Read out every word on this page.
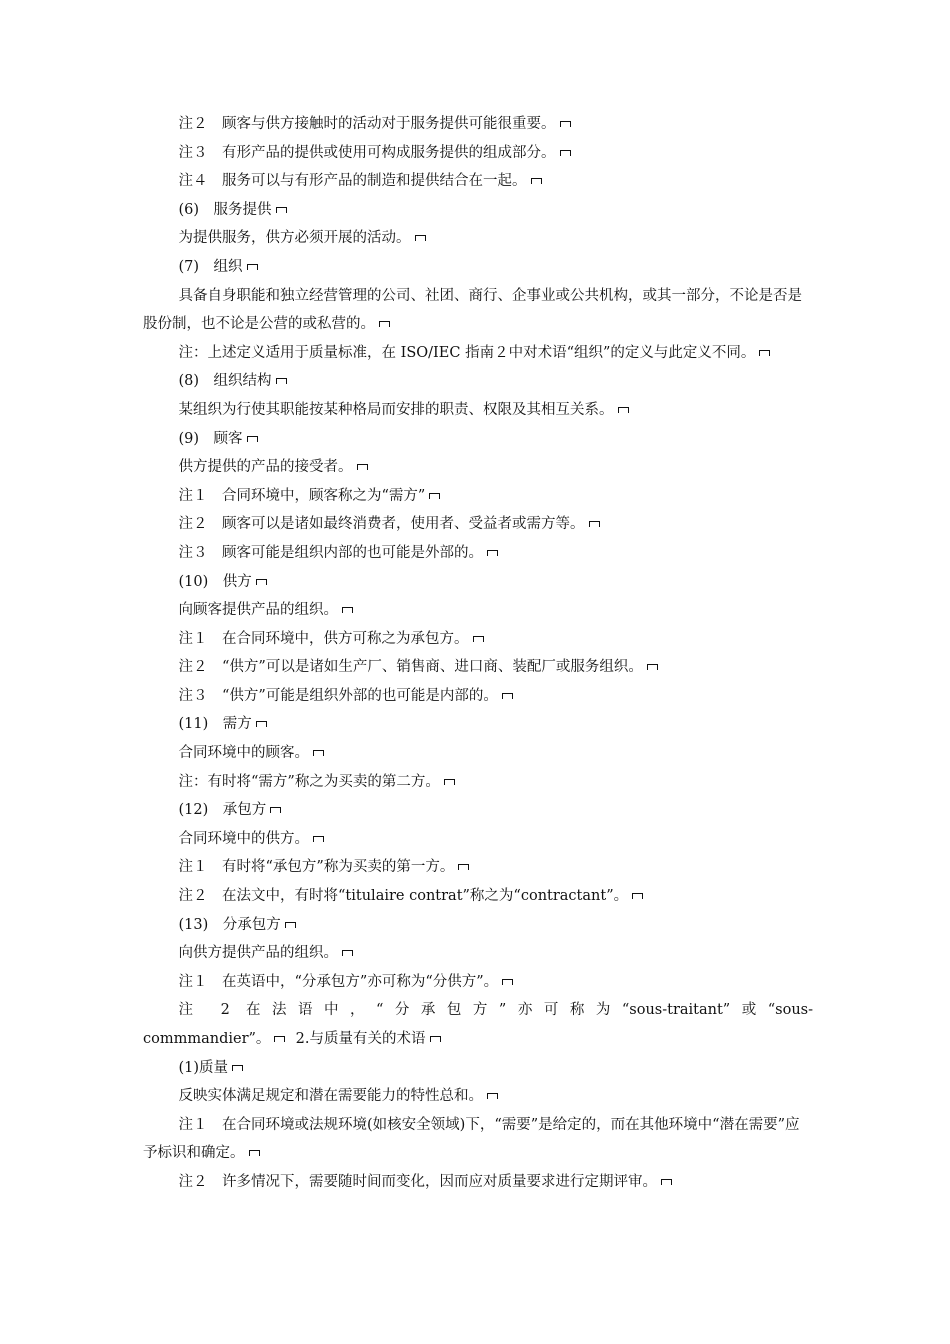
注２　顾客与供方接触时的活动对于服务提供可能很重要。

注３　有形产品的提供或使用可构成服务提供的组成部分。

注４　服务可以与有形产品的制造和提供结合在一起。

(6)　服务提供

为提供服务，供方必须开展的活动。

(7)　组织

具备自身职能和独立经营管理的公司、社团、商行、企事业或公共机构，或其一部分，不论是否是股份制，也不论是公营的或私营的。

注：上述定义适用于质量标准，在 ISO/IEC 指南２中对术语“组织”的定义与此定义不同。

(8)　组织结构

某组织为行使其职能按某种格局而安排的职责、权限及其相互关系。

(9)　顾客

供方提供的产品的接受者。

注１　合同环境中，顾客称之为“需方”

注２　顾客可以是诸如最终消费者，使用者、受益者或需方等。

注３　顾客可能是组织内部的也可能是外部的。

(10)　供方

向顾客提供产品的组织。

注１　在合同环境中，供方可称之为承包方。

注２　“供方”可以是诸如生产厂、销售商、进口商、装配厂或服务组织。

注３　“供方”可能是组织外部的也可能是内部的。

(11)　需方

合同环境中的顾客。

注：有时将“需方”称之为买卖的第二方。

(12)　承包方

合同环境中的供方。

注１　有时将“承包方”称为买卖的第一方。

注２　在法文中，有时将“titulaire contrat”称之为“contractant”。

(13)　分承包方

向供方提供产品的组织。

注１　在英语中，“分承包方”亦可称为“分供方”。

注 2 在法语中，“分承包方”亦可称为“sous-traitant”或“sous-

commmandier”。 2.与质量有关的术语

(1)质量

反映实体满足规定和潜在需要能力的特性总和。

注１　在合同环境或法规环境(如核安全领域)下，“需要”是给定的，而在其他环境中“潜在需要”应予标识和确定。

注２　许多情况下，需要随时间而变化，因而应对质量要求进行定期评审。
